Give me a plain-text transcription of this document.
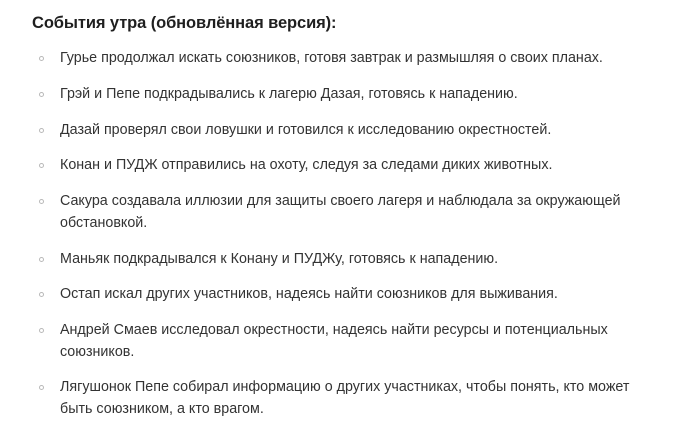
События утра (обновлённая версия):
Гурье продолжал искать союзников, готовя завтрак и размышляя о своих планах.
Грэй и Пепе подкрадывались к лагерю Дазая, готовясь к нападению.
Дазай проверял свои ловушки и готовился к исследованию окрестностей.
Конан и ПУДЖ отправились на охоту, следуя за следами диких животных.
Сакура создавала иллюзии для защиты своего лагеря и наблюдала за окружающей обстановкой.
Маньяк подкрадывался к Конану и ПУДЖу, готовясь к нападению.
Остап искал других участников, надеясь найти союзников для выживания.
Андрей Смаев исследовал окрестности, надеясь найти ресурсы и потенциальных союзников.
Лягушонок Пепе собирал информацию о других участниках, чтобы понять, кто может быть союзником, а кто врагом.
